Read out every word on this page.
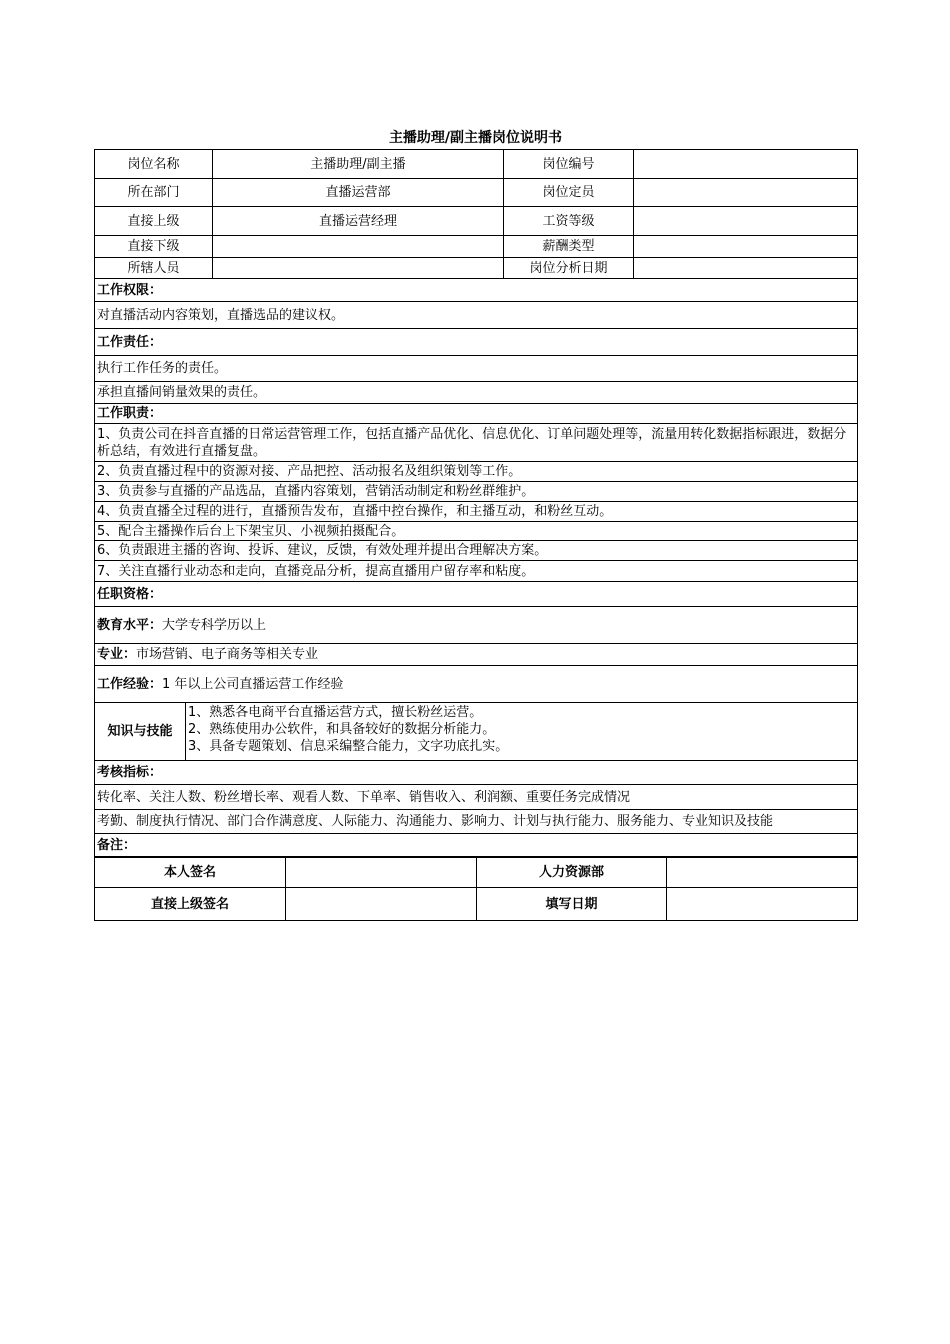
主播助理/副主播岗位说明书
岗位名称	主播助理/副主播	岗位编号	
所在部门	直播运营部	岗位定员	
直接上级	直播运营经理	工资等级	
直接下级		薪酬类型	
所辖人员		岗位分析日期	
工作权限：			
对直播活动内容策划，直播选品的建议权。			
工作责任：			
执行工作任务的责任。			
承担直播间销量效果的责任。			
工作职责：			
1、负责公司在抖音直播的日常运营管理工作，包括直播产品优化、信息优化、订单问题处理等，流量用转化数据指标跟进，数据分析总结，有效进行直播复盘。			
2、负责直播过程中的资源对接、产品把控、活动报名及组织策划等工作。			
3、负责参与直播的产品选品，直播内容策划，营销活动制定和粉丝群维护。			
4、负责直播全过程的进行，直播预告发布，直播中控台操作，和主播互动，和粉丝互动。			
5、配合主播操作后台上下架宝贝、小视频拍摄配合。			
6、负责跟进主播的咨询、投诉、建议，反馈，有效处理并提出合理解决方案。			
7、关注直播行业动态和走向，直播竞品分析，提高直播用户留存率和粘度。			
任职资格：			
教育水平：大学专科学历以上			
专业：市场营销、电子商务等相关专业			
工作经验：1 年以上公司直播运营工作经验			

知识与技能
1、熟悉各电商平台直播运营方式，擅长粉丝运营。
2、熟练使用办公软件，和具备较好的数据分析能力。
3、具备专题策划、信息采编整合能力，文字功底扎实。			

考核指标：			
转化率、关注人数、粉丝增长率、观看人数、下单率、销售收入、利润额、重要任务完成情况			
考勤、制度执行情况、部门合作满意度、人际能力、沟通能力、影响力、计划与执行能力、服务能力、专业知识及技能			
备注：			
本人签名		人力资源部	
直接上级签名		填写日期	
